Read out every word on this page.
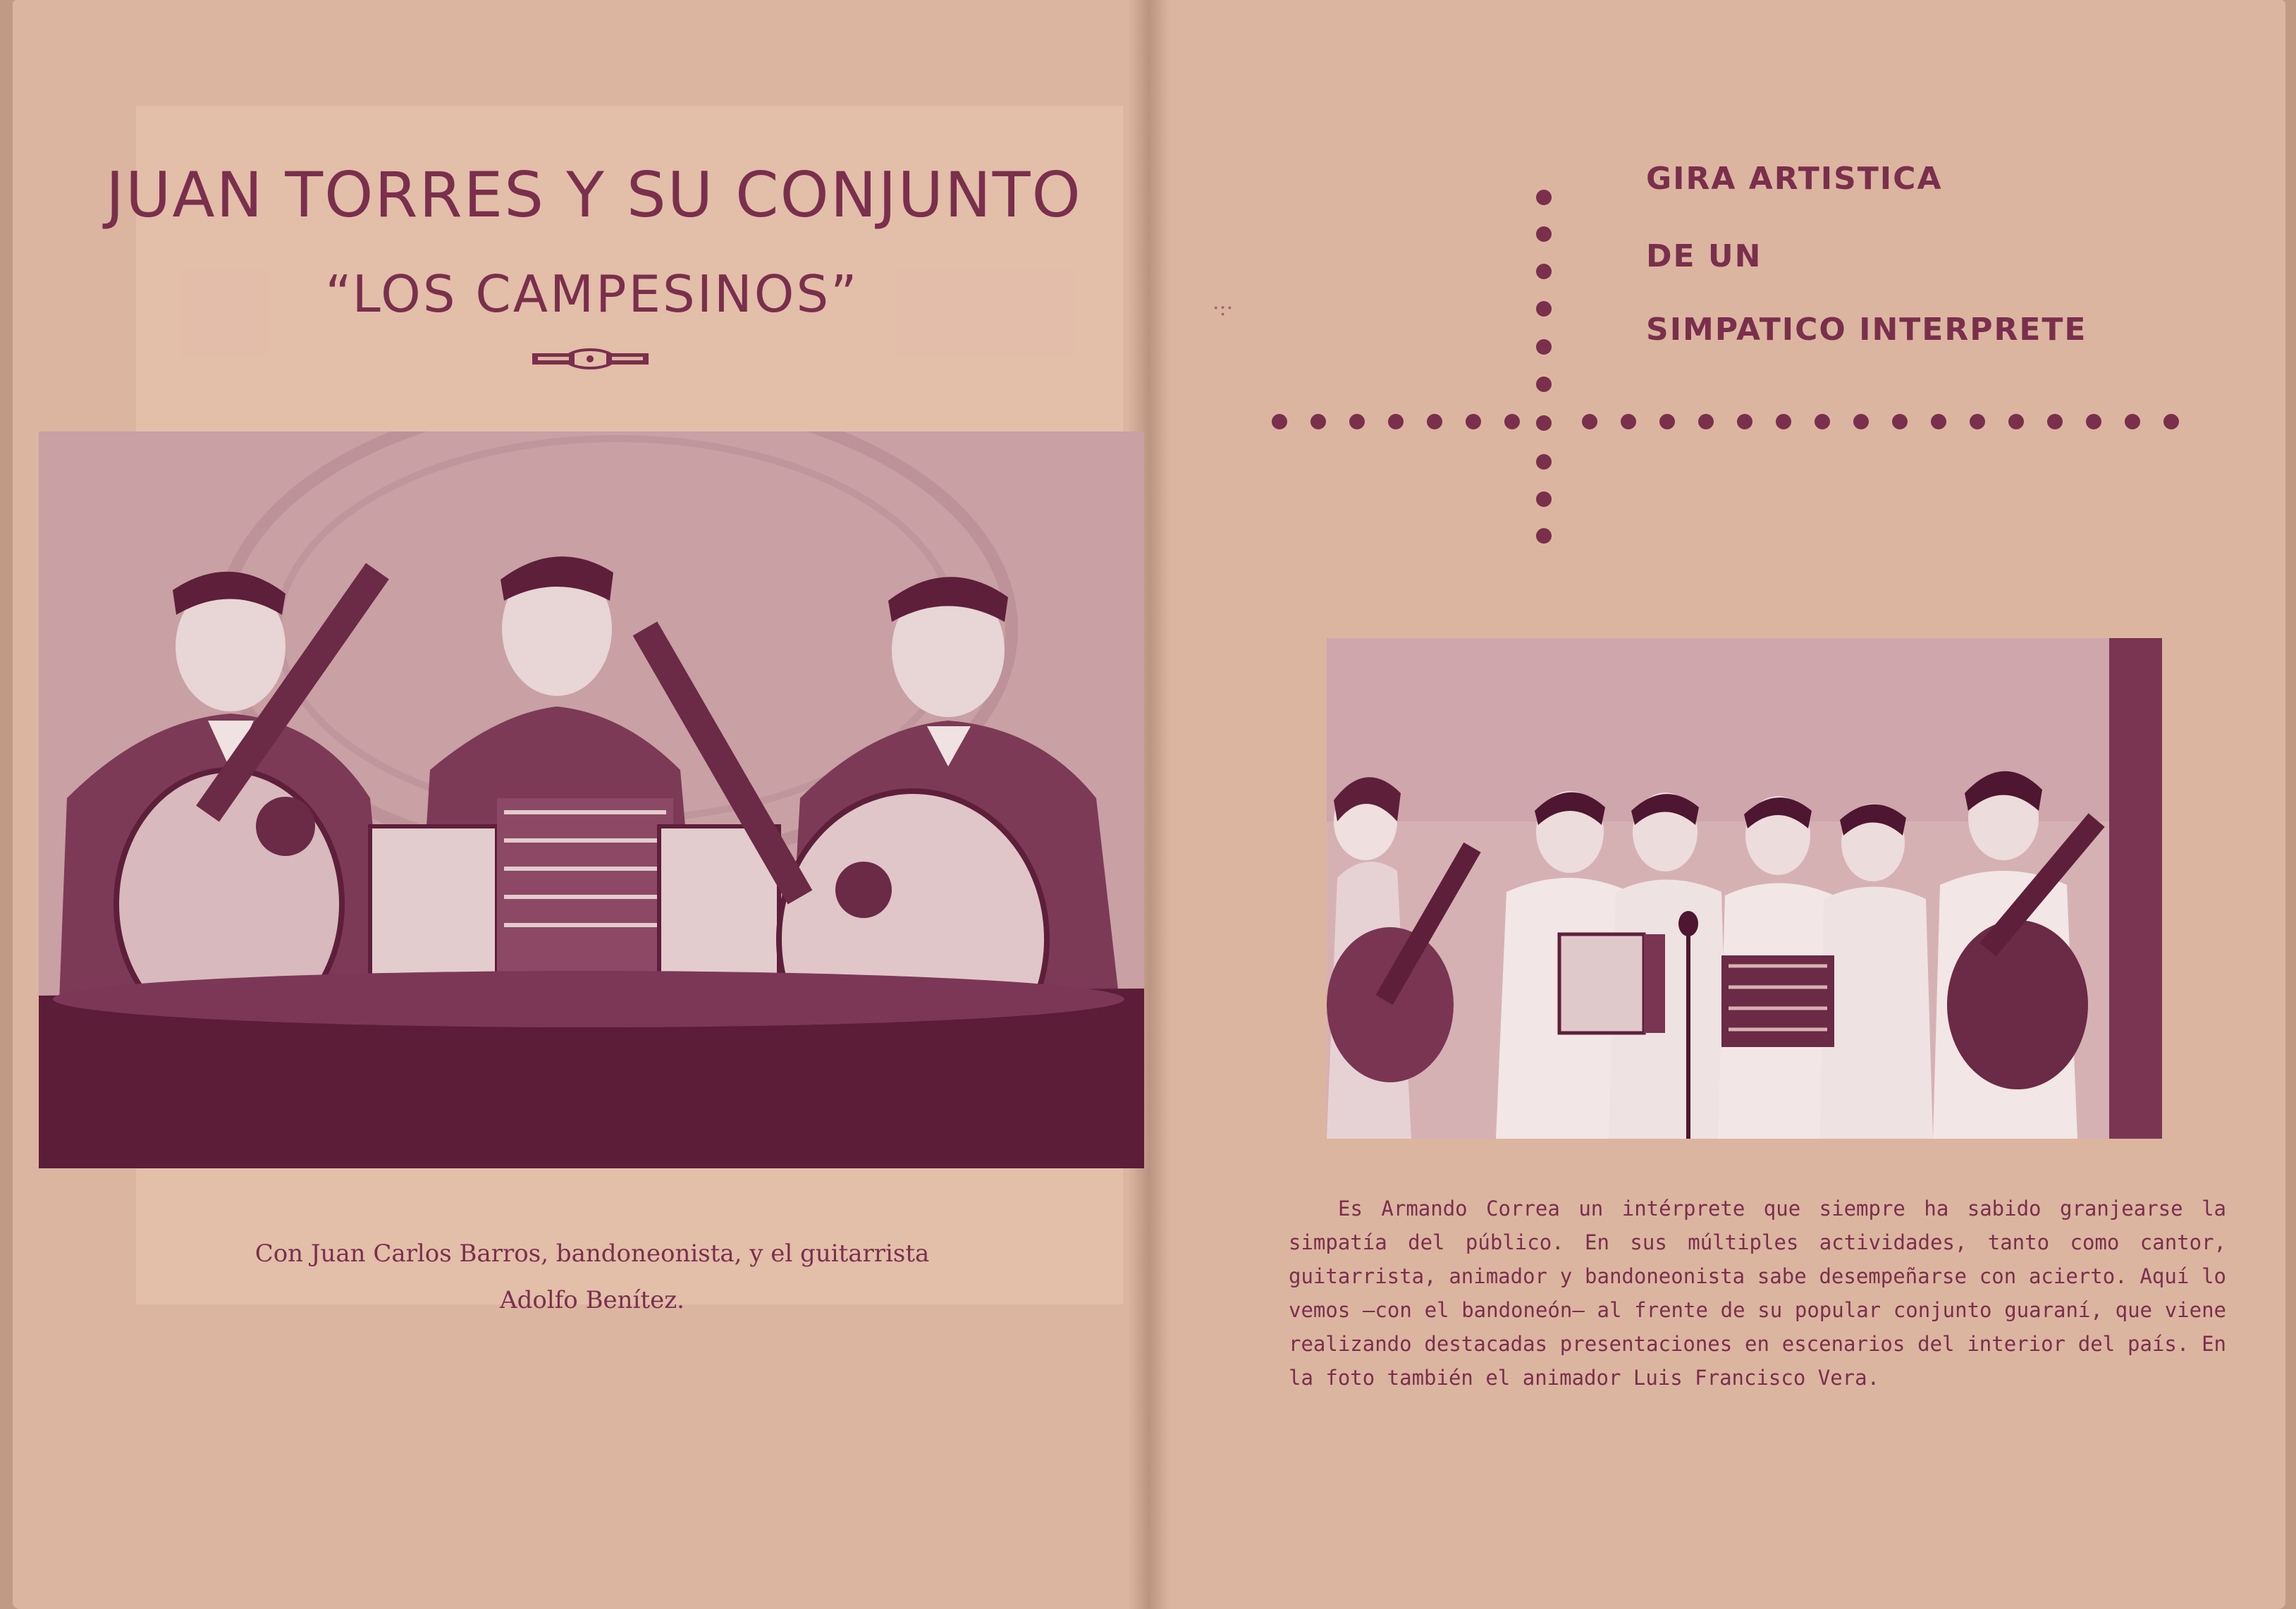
JUAN TORRES Y SU CONJUNTO
“LOS CAMPESINOS”
Con Juan Carlos Barros, bandoneonista, y el guitarrista
Adolfo Benítez.
GIRA ARTISTICA
DE UN
SIMPATICO INTERPRETE
Es Armando Correa un intérprete que siempre ha sabido granjearse la simpatía del público. En sus múltiples actividades, tanto como cantor, guitarrista, animador y bandoneonista sabe desempeñarse con acierto. Aquí lo vemos —con el bandoneón— al frente de su popular conjunto guaraní, que viene realizando destacadas presentaciones en escenarios del interior del país. En la foto también el animador Luis Francisco Vera.
·:·
